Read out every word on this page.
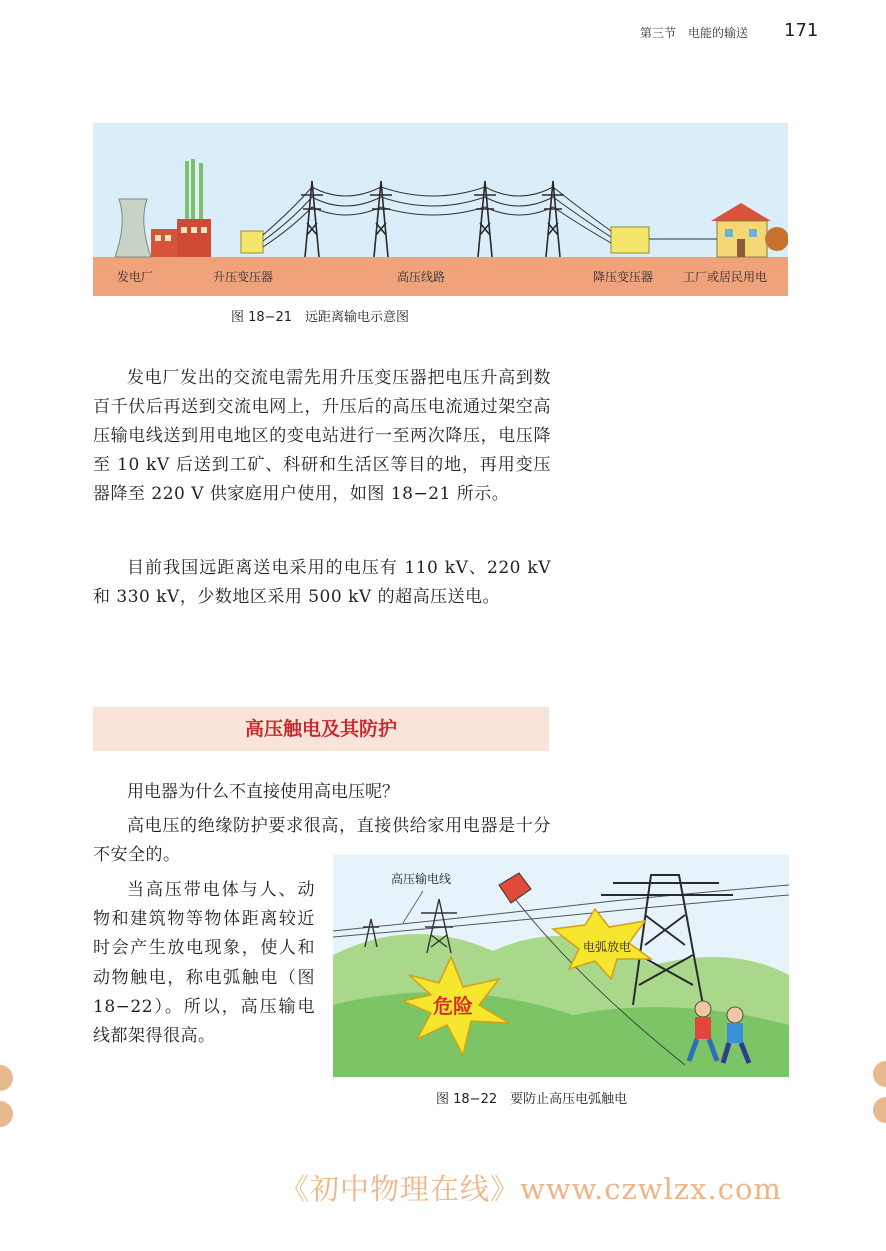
第三节　电能的输送 171
发电厂	升压变压器	高压线路	降压变压器 工厂或居民用电
图 18−21　远距离输电示意图
发电厂发出的交流电需先用升压变压器把电压升高到数百千伏后再送到交流电网上，升压后的高压电流通过架空高压输电线送到用电地区的变电站进行一至两次降压，电压降至 10 kV 后送到工矿、科研和生活区等目的地，再用变压器降至 220 V 供家庭用户使用，如图 18−21 所示。
目前我国远距离送电采用的电压有 110 kV、220 kV 和 330 kV，少数地区采用 500 kV 的超高压送电。
高压触电及其防护
用电器为什么不直接使用高电压呢？
高电压的绝缘防护要求很高，直接供给家用电器是十分不安全的。
当高压带电体与人、动物和建筑物等物体距离较近时会产生放电现象，使人和动物触电，称电弧触电（图 18−22）。所以，高压输电线都架得很高。
电弧放电
危险
高压输电线
图 18−22　要防止高压电弧触电
《初中物理在线》www.czwlzx.com
